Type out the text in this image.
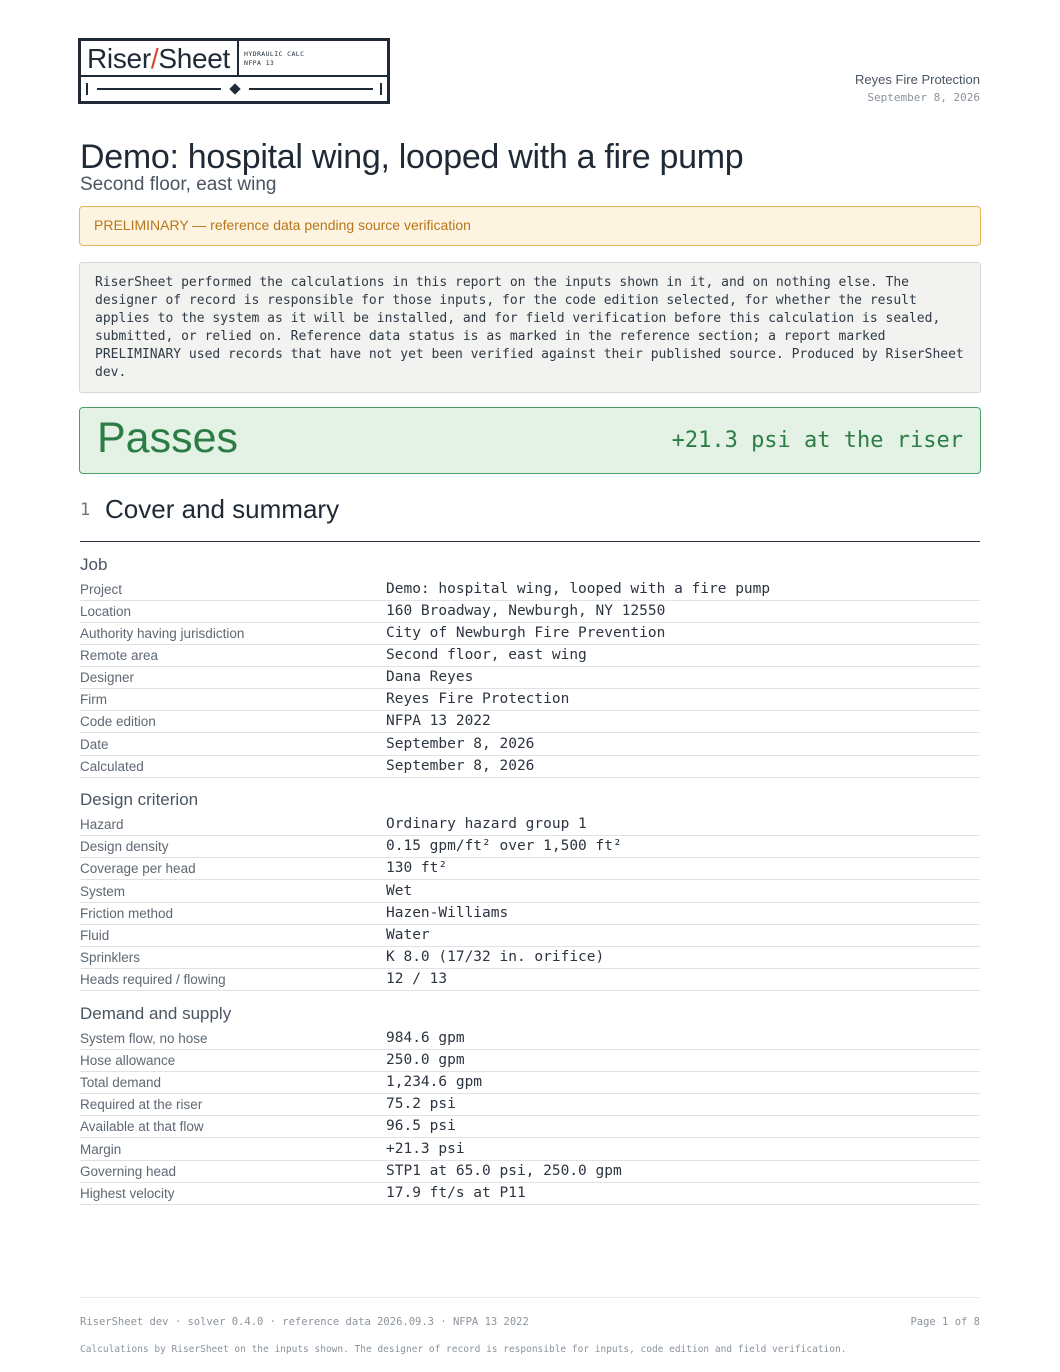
Riser/Sheet HYDRAULIC CALC
NFPA 13
Reyes Fire Protection
September 8, 2026
Demo: hospital wing, looped with a fire pump
Second floor, east wing
PRELIMINARY — reference data pending source verification
RiserSheet performed the calculations in this report on the inputs shown in it, and on nothing else. The designer of record is responsible for those inputs, for the code edition selected, for whether the result applies to the system as it will be installed, and for field verification before this calculation is sealed, submitted, or relied on. Reference data status is as marked in the reference section; a report marked PRELIMINARY used records that have not yet been verified against their published source. Produced by RiserSheet dev.
Passes	+21.3 psi at the riser
1 Cover and summary
Job
Project	Demo: hospital wing, looped with a fire pump
Location	160 Broadway, Newburgh, NY 12550
Authority having jurisdiction	City of Newburgh Fire Prevention
Remote area	Second floor, east wing
Designer	Dana Reyes
Firm	Reyes Fire Protection
Code edition	NFPA 13 2022
Date	September 8, 2026
Calculated	September 8, 2026
Design criterion
Hazard	Ordinary hazard group 1
Design density	0.15 gpm/ft² over 1,500 ft²
Coverage per head	130 ft²
System	Wet
Friction method	Hazen-Williams
Fluid	Water
Sprinklers	K 8.0 (17/32 in. orifice)
Heads required / flowing	12 / 13
Demand and supply
System flow, no hose	984.6 gpm
Hose allowance	250.0 gpm
Total demand	1,234.6 gpm
Required at the riser	75.2 psi
Available at that flow	96.5 psi
Margin	+21.3 psi
Governing head	STP1 at 65.0 psi, 250.0 gpm
Highest velocity	17.9 ft/s at P11
RiserSheet dev · solver 0.4.0 · reference data 2026.09.3 · NFPA 13 2022	Page 1 of 8
Calculations by RiserSheet on the inputs shown. The designer of record is responsible for inputs, code edition and field verification.
